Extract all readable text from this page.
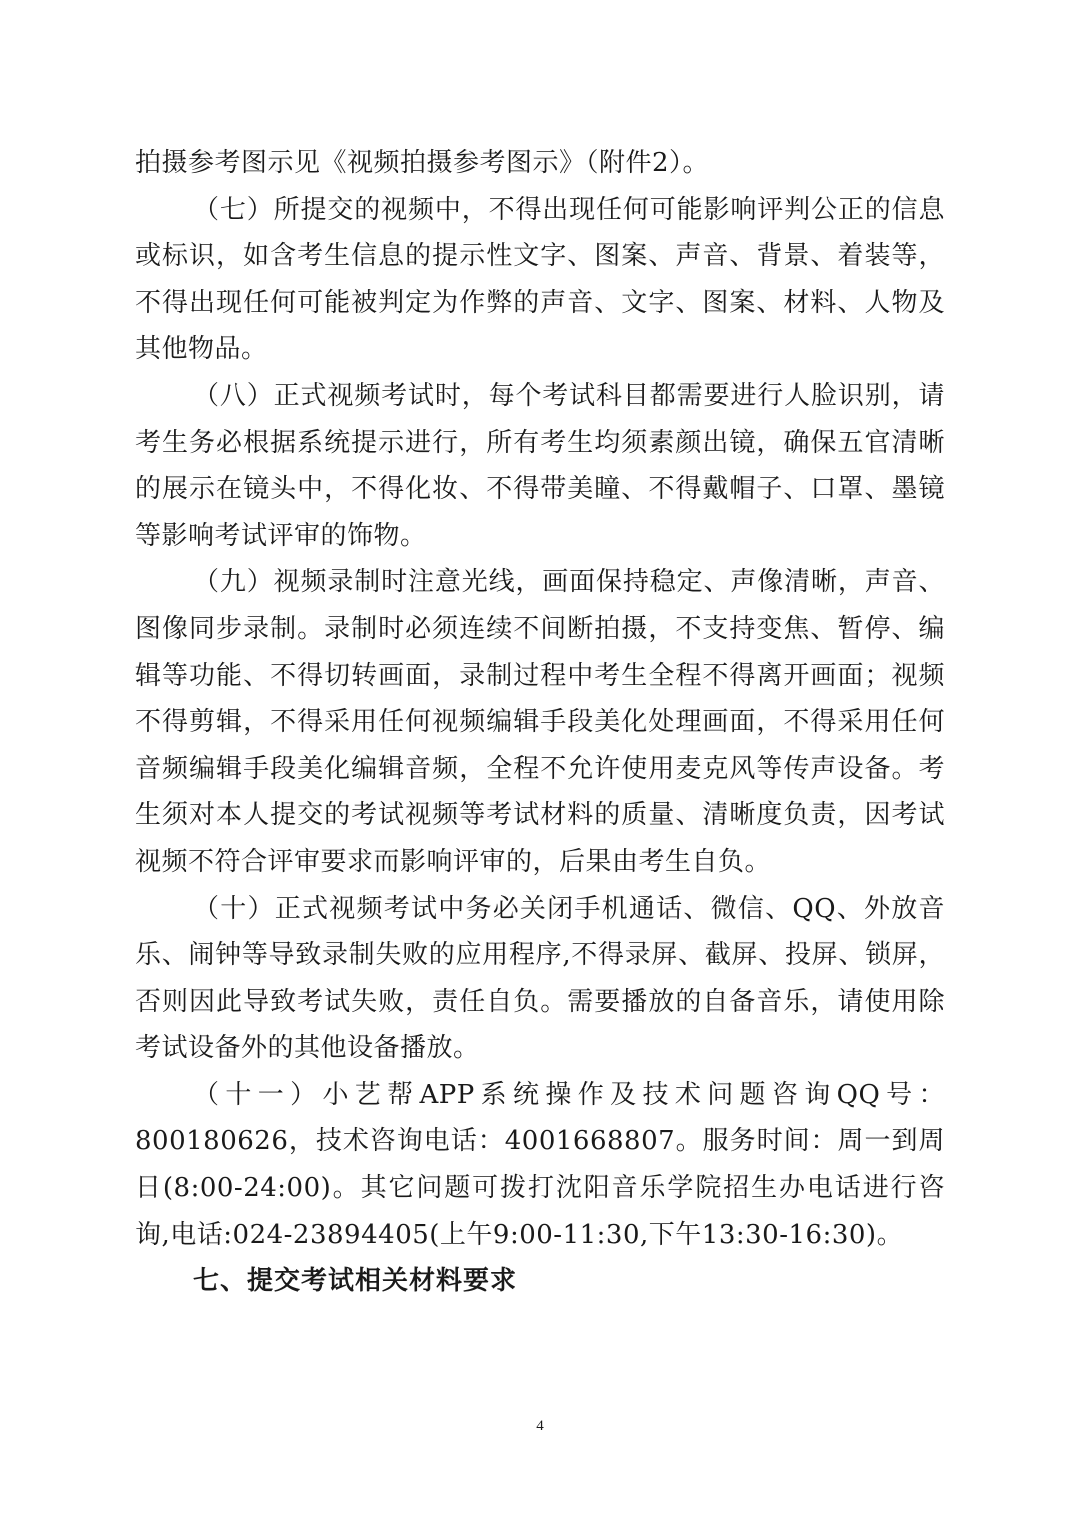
拍摄参考图示见《视频拍摄参考图示》（附件2）。

（七）所提交的视频中，不得出现任何可能影响评判公正的信息或标识，如含考生信息的提示性文字、图案、声音、背景、着装等，不得出现任何可能被判定为作弊的声音、文字、图案、材料、人物及其他物品。

（八）正式视频考试时，每个考试科目都需要进行人脸识别，请考生务必根据系统提示进行，所有考生均须素颜出镜，确保五官清晰的展示在镜头中，不得化妆、不得带美瞳、不得戴帽子、口罩、墨镜等影响考试评审的饰物。

（九）视频录制时注意光线，画面保持稳定、声像清晰，声音、图像同步录制。录制时必须连续不间断拍摄，不支持变焦、暂停、编辑等功能、不得切转画面，录制过程中考生全程不得离开画面；视频不得剪辑，不得采用任何视频编辑手段美化处理画面，不得采用任何音频编辑手段美化编辑音频，全程不允许使用麦克风等传声设备。考生须对本人提交的考试视频等考试材料的质量、清晰度负责，因考试视频不符合评审要求而影响评审的，后果由考生自负。

（十）正式视频考试中务必关闭手机通话、微信、QQ、外放音乐、闹钟等导致录制失败的应用程序,不得录屏、截屏、投屏、锁屏，否则因此导致考试失败，责任自负。需要播放的自备音乐，请使用除考试设备外的其他设备播放。

（十一）小艺帮APP系统操作及技术问题咨询QQ号：800180626，技术咨询电话：4001668807。服务时间：周一到周日(8:00-24:00)。其它问题可拨打沈阳音乐学院招生办电话进行咨询,电话:024-23894405(上午9:00-11:30,下午13:30-16:30)。

七、提交考试相关材料要求

4
